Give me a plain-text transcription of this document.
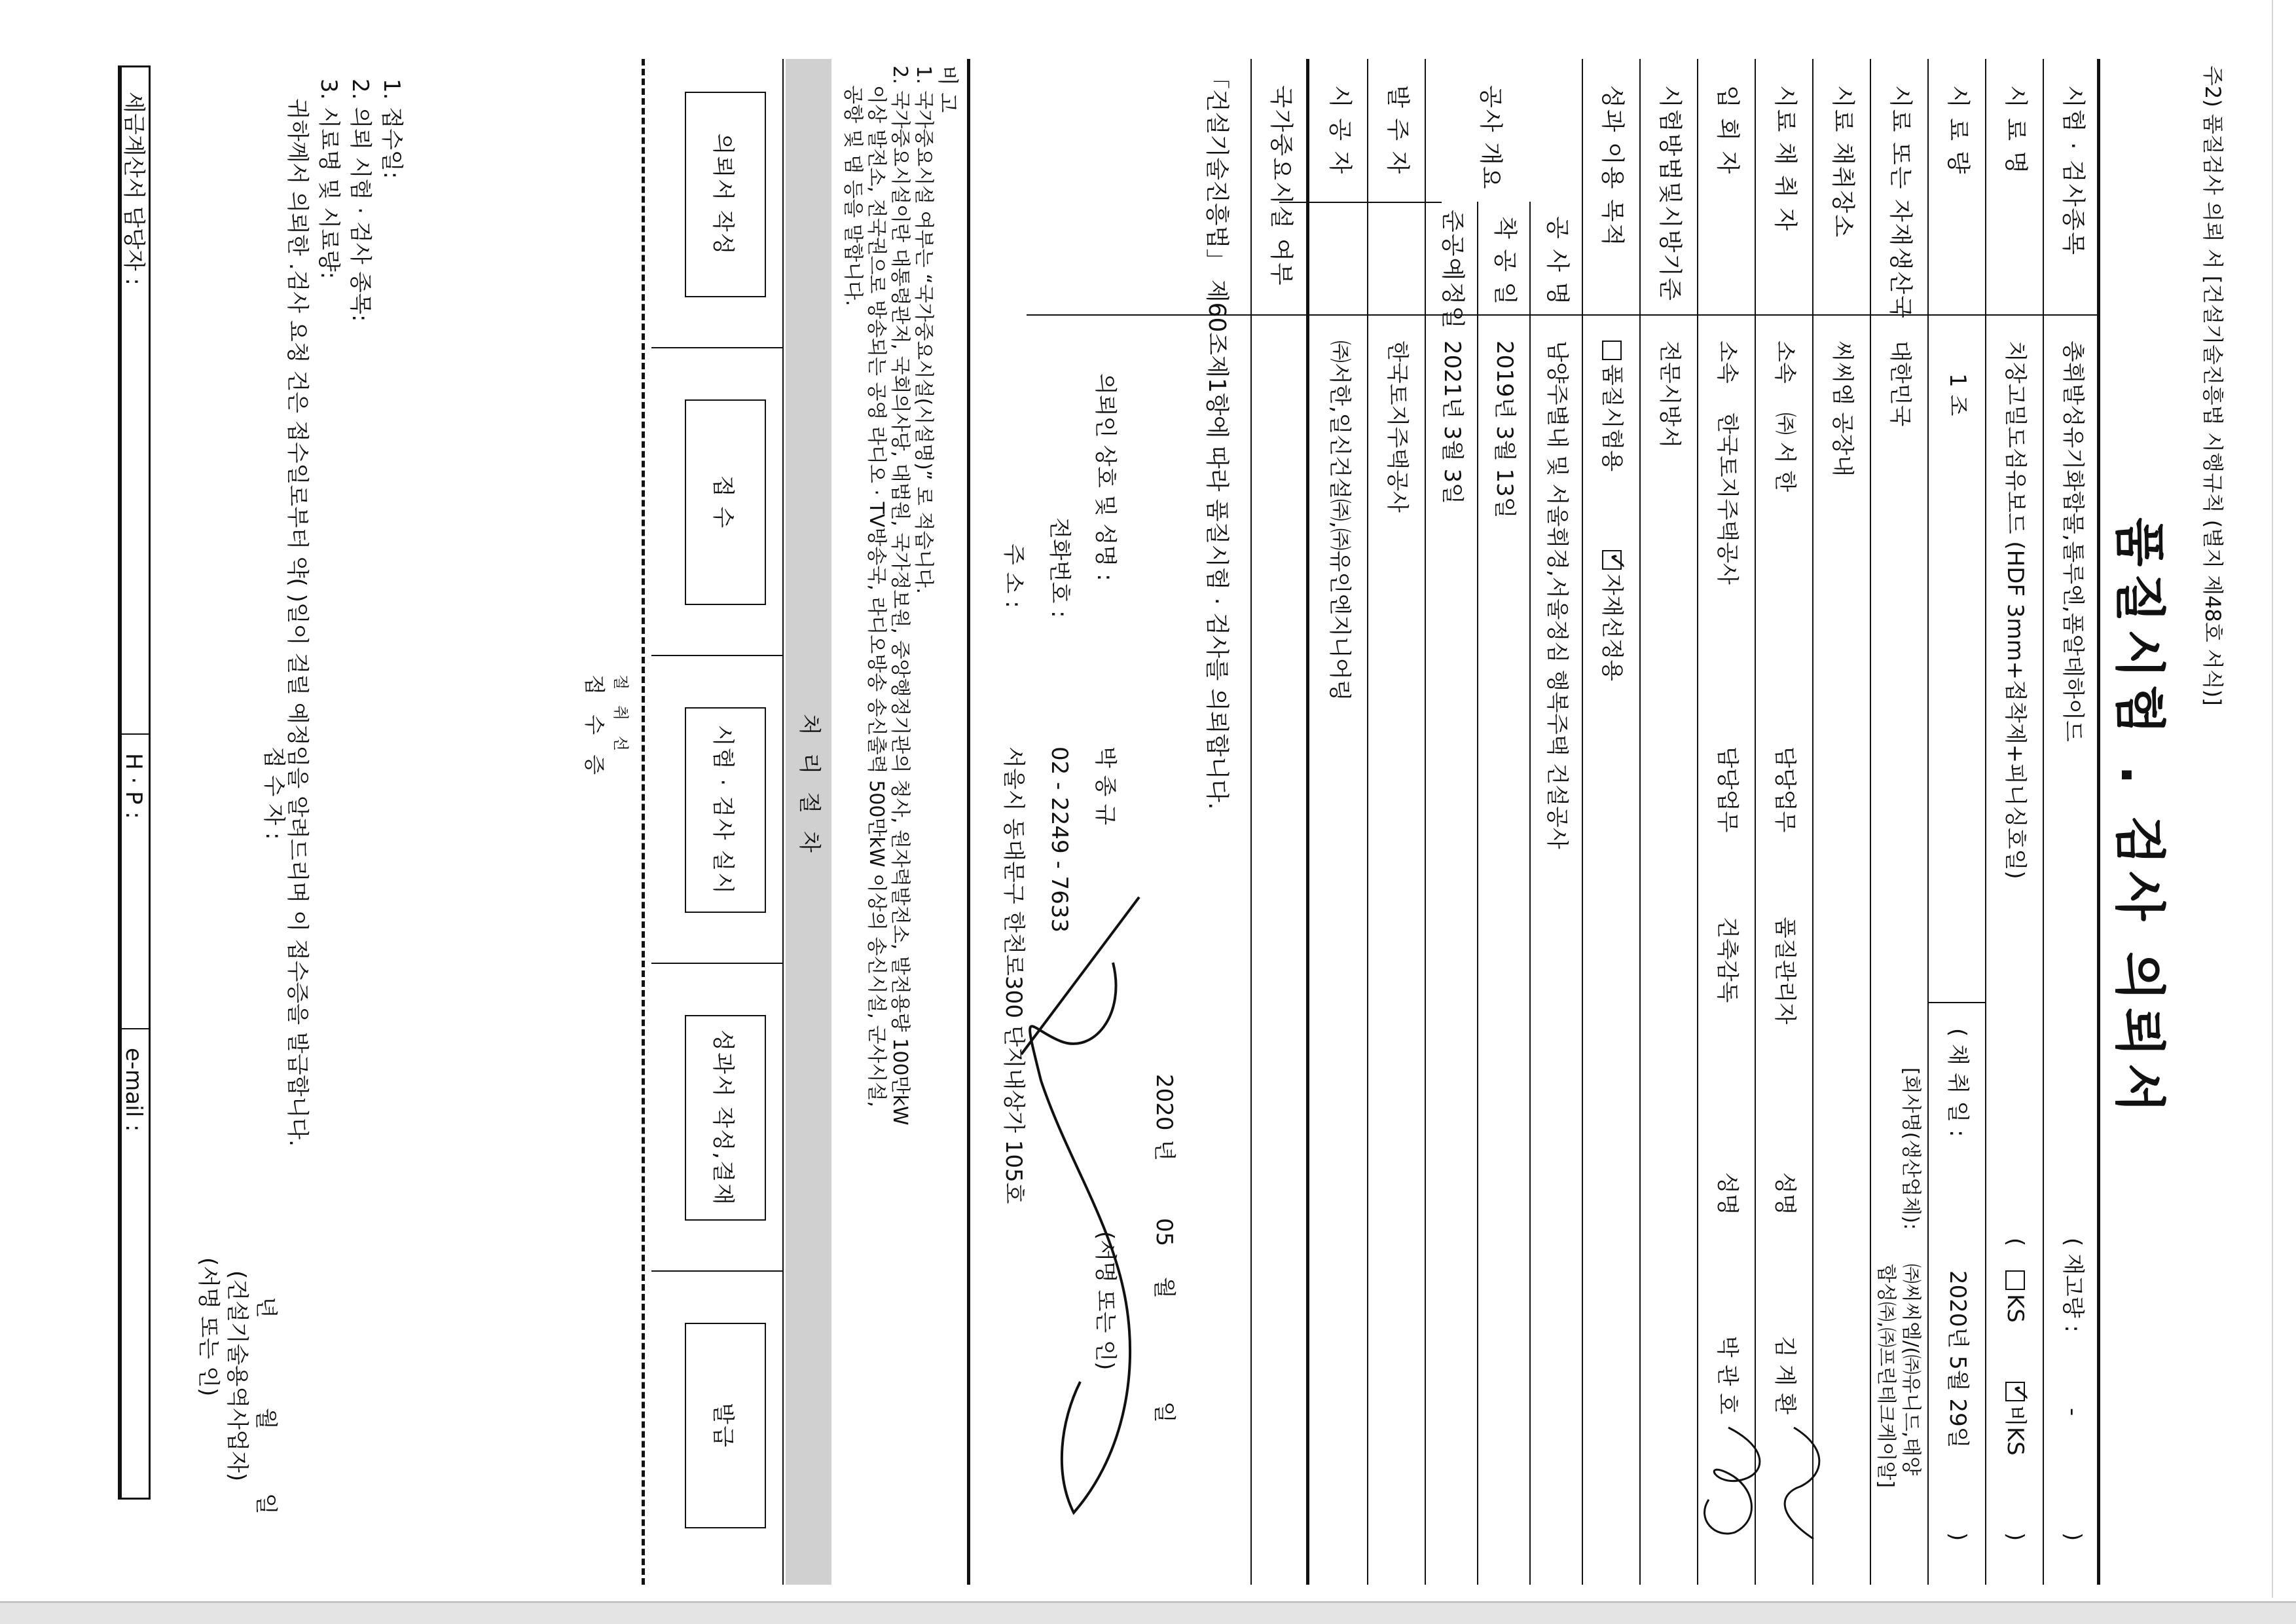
주2) 품질검사 의뢰 서 [건설기술진흥법 시행규칙 (별지 제48호 서식)]
품질시험 . 검사 의뢰서
시험 · 검사종목
총휘발성유기화합물,톨루엔,폼알데하이드
( 재고량 :
-
)
시 료 명
치장고밀도섬유보드 (HDF 3mm+접착제+피니싱호일)
(
KS
✓비KS
)
시 료 량
1 조
( 채 취 일 :
2020년 5월 29일
)
시료 또는 자재생산국
대한민국
[회사명(생산업체):
㈜씨씨엠/(㈜유니드,태양
합성㈜,㈜프린테크케이알]
시료 채취장소
씨씨엠 공장내
시료 채 취 자
소속
㈜ 서 한
담당업무
품질관리자
성명
김 계 환
입 회 자
소속
한국토지주택공사
담당업무
건축감독
성명
박 관 호
시험방법및시방기준
전문시방서
성과 이용 목적
품질시험용
✓자재선정용
공사 개요
공 사 명
남양주별내 및 서울휘경,서울정심 행복주택 건설공사
착 공 일
2019년 3월 13일
준공예정일
2021년 3월 3일
발 주 자
한국토지주택공사
시 공 자
㈜서한,일신건설㈜,㈜유인엔지니어링
국가중요시설 여부
「건설기술진흥법」 제60조제1항에 따라 품질시험 · 검사를 의뢰합니다.
2020
년
05
월
일
의뢰인 상호 및 성명 :
박 종 규
(서명 또는 인)
전화번호 :
02 - 2249 - 7633
주 소 :
서울시 동대문구 한천로300 단지내상가 105호
비 고
1. 국가중요시설 여부는 “국가중요시설(시설명)” 로 적습니다.
2. 국가중요시설이란 대통령관저, 국회의사당, 대법원, 국가정보원, 중앙행정기관의 청사, 원자력발전소, 발전용량 100만kW
이상 발전소, 전국권으로 방송되는 공영 라디오 · TV방송국, 라디오방송 송신출력 500만kW 이상의 송신시설, 군사시설,
공항 및 댐 등을 말합니다.
처 리 절 차
의뢰서 작성
접 수
시험 · 검사 실시
성과서 작성,결재
발급
절 취 선
접 수 증
1. 접수일:
2. 의뢰 시험 · 검사 종목:
3. 시료명 및 시료량:
귀하께서 의뢰한 .검사 요청 건은 접수일로부터 약( )일이 걸릴 예정임을 알려드리며 이 접수증을 발급합니다.
년
월
일
(건설기술용역사업자)
접 수 자 :
(서명 또는 인)
세금계산서 담당자 :
H · P :
e-mail :
